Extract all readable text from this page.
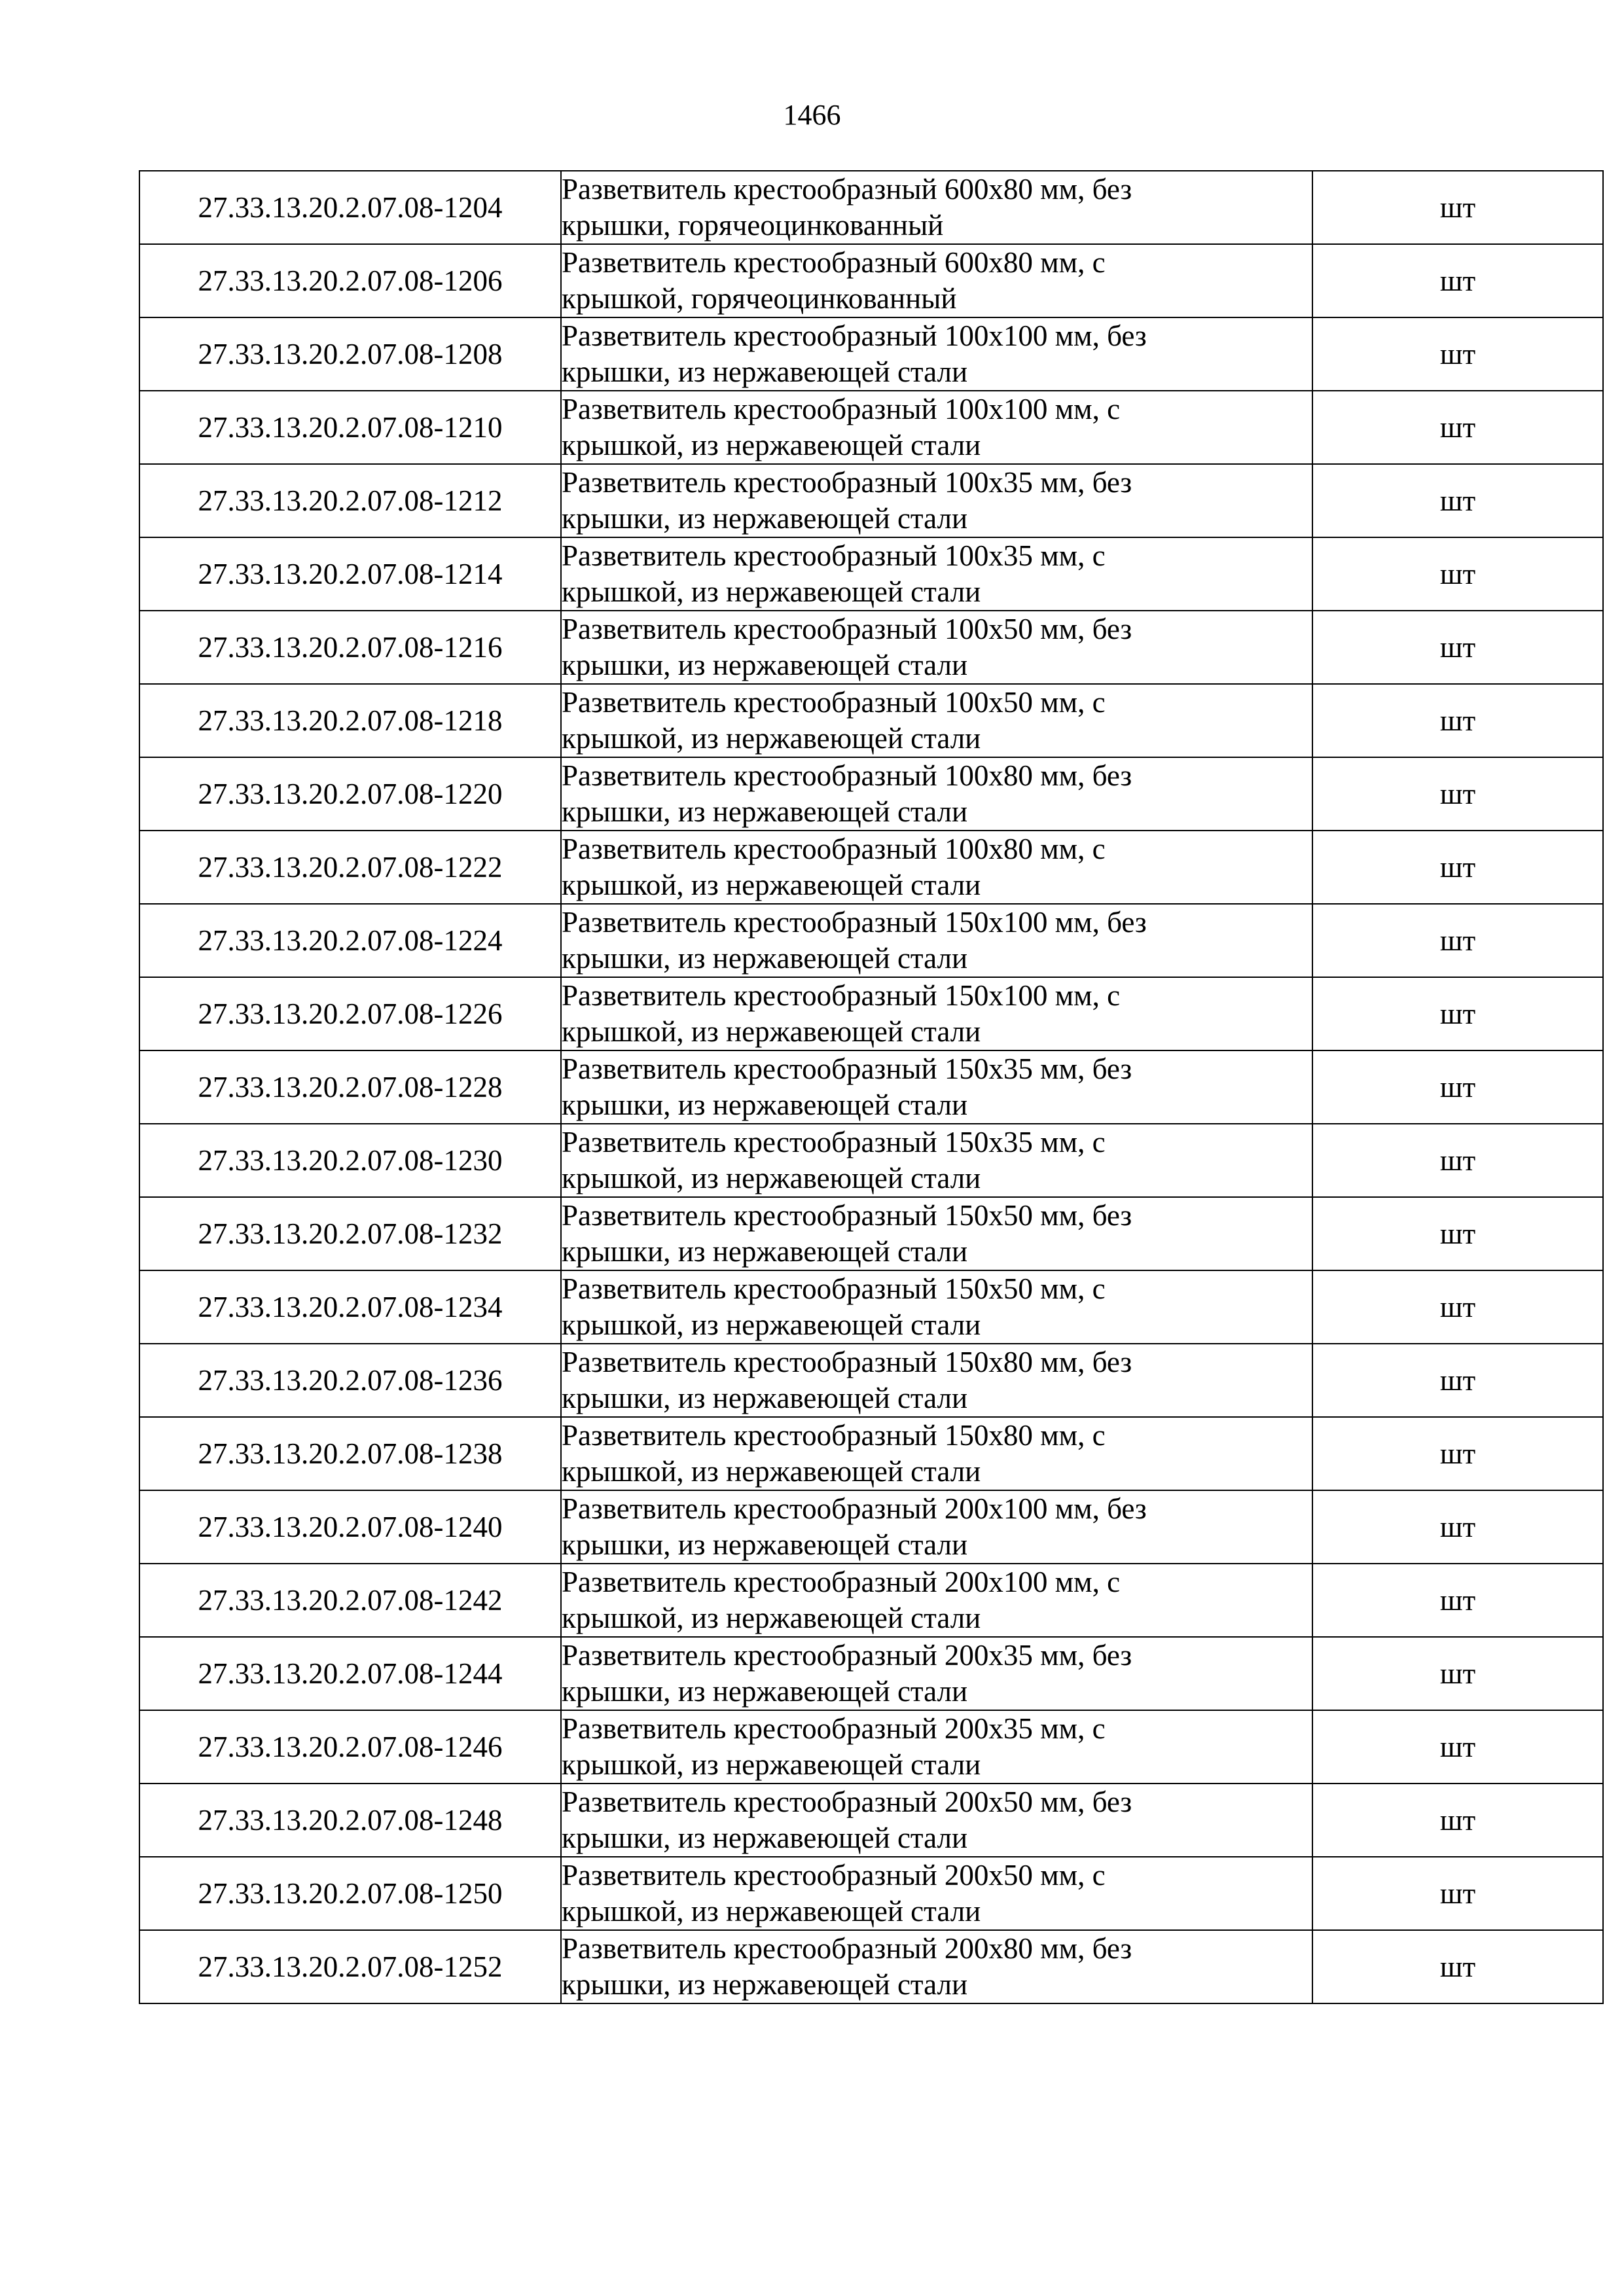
1466
27.33.13.20.2.07.08-1204	Разветвитель крестообразный 600x80 мм, без
крышки, горячеоцинкованный	шт
27.33.13.20.2.07.08-1206	Разветвитель крестообразный 600x80 мм, с
крышкой, горячеоцинкованный	шт
27.33.13.20.2.07.08-1208	Разветвитель крестообразный 100x100 мм, без
крышки, из нержавеющей стали	шт
27.33.13.20.2.07.08-1210	Разветвитель крестообразный 100x100 мм, с
крышкой, из нержавеющей стали	шт
27.33.13.20.2.07.08-1212	Разветвитель крестообразный 100x35 мм, без
крышки, из нержавеющей стали	шт
27.33.13.20.2.07.08-1214	Разветвитель крестообразный 100x35 мм, с
крышкой, из нержавеющей стали	шт
27.33.13.20.2.07.08-1216	Разветвитель крестообразный 100x50 мм, без
крышки, из нержавеющей стали	шт
27.33.13.20.2.07.08-1218	Разветвитель крестообразный 100x50 мм, с
крышкой, из нержавеющей стали	шт
27.33.13.20.2.07.08-1220	Разветвитель крестообразный 100x80 мм, без
крышки, из нержавеющей стали	шт
27.33.13.20.2.07.08-1222	Разветвитель крестообразный 100x80 мм, с
крышкой, из нержавеющей стали	шт
27.33.13.20.2.07.08-1224	Разветвитель крестообразный 150x100 мм, без
крышки, из нержавеющей стали	шт
27.33.13.20.2.07.08-1226	Разветвитель крестообразный 150x100 мм, с
крышкой, из нержавеющей стали	шт
27.33.13.20.2.07.08-1228	Разветвитель крестообразный 150x35 мм, без
крышки, из нержавеющей стали	шт
27.33.13.20.2.07.08-1230	Разветвитель крестообразный 150x35 мм, с
крышкой, из нержавеющей стали	шт
27.33.13.20.2.07.08-1232	Разветвитель крестообразный 150x50 мм, без
крышки, из нержавеющей стали	шт
27.33.13.20.2.07.08-1234	Разветвитель крестообразный 150x50 мм, с
крышкой, из нержавеющей стали	шт
27.33.13.20.2.07.08-1236	Разветвитель крестообразный 150x80 мм, без
крышки, из нержавеющей стали	шт
27.33.13.20.2.07.08-1238	Разветвитель крестообразный 150x80 мм, с
крышкой, из нержавеющей стали	шт
27.33.13.20.2.07.08-1240	Разветвитель крестообразный 200x100 мм, без
крышки, из нержавеющей стали	шт
27.33.13.20.2.07.08-1242	Разветвитель крестообразный 200x100 мм, с
крышкой, из нержавеющей стали	шт
27.33.13.20.2.07.08-1244	Разветвитель крестообразный 200x35 мм, без
крышки, из нержавеющей стали	шт
27.33.13.20.2.07.08-1246	Разветвитель крестообразный 200x35 мм, с
крышкой, из нержавеющей стали	шт
27.33.13.20.2.07.08-1248	Разветвитель крестообразный 200x50 мм, без
крышки, из нержавеющей стали	шт
27.33.13.20.2.07.08-1250	Разветвитель крестообразный 200x50 мм, с
крышкой, из нержавеющей стали	шт
27.33.13.20.2.07.08-1252	Разветвитель крестообразный 200x80 мм, без
крышки, из нержавеющей стали	шт
